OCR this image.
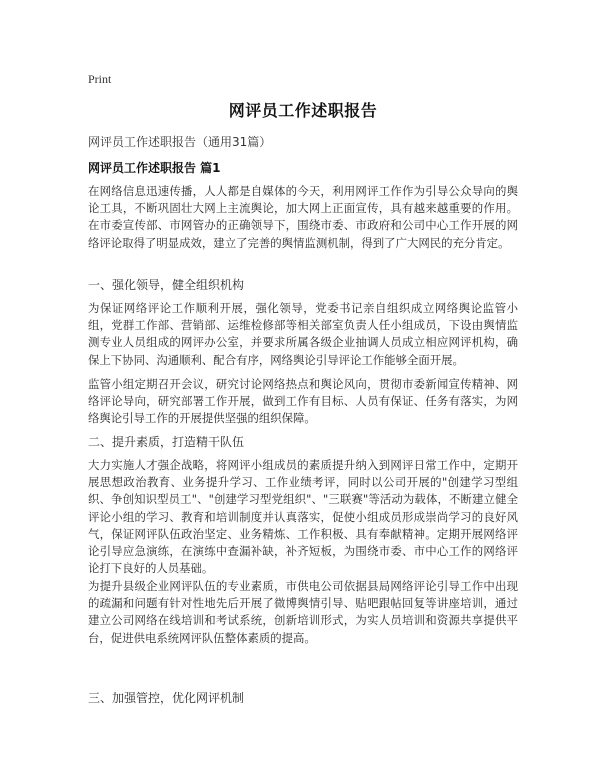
Print
网评员工作述职报告
网评员工作述职报告（通用31篇）
网评员工作述职报告 篇1

在网络信息迅速传播，人人都是自媒体的今天，利用网评工作作为引导公众导向的舆论工具，不断巩固壮大网上主流舆论，加大网上正面宣传，具有越来越重要的作用。在市委宣传部、市网管办的正确领导下，围绕市委、市政府和公司中心工作开展的网络评论取得了明显成效，建立了完善的舆情监测机制，得到了广大网民的充分肯定。

一、强化领导，健全组织机构

为保证网络评论工作顺利开展，强化领导，党委书记亲自组织成立网络舆论监管小组，党群工作部、营销部、运维检修部等相关部室负责人任小组成员，下设由舆情监测专业人员组成的网评办公室，并要求所属各级企业抽调人员成立相应网评机构，确保上下协同、沟通顺利、配合有序，网络舆论引导评论工作能够全面开展。

监管小组定期召开会议，研究讨论网络热点和舆论风向，贯彻市委新闻宣传精神、网络评论导向，研究部署工作开展，做到工作有目标、人员有保证、任务有落实，为网络舆论引导工作的开展提供坚强的组织保障。

二、提升素质，打造精干队伍

大力实施人才强企战略，将网评小组成员的素质提升纳入到网评日常工作中，定期开展思想政治教育、业务提升学习、工作业绩考评，同时以公司开展的"创建学习型组织、争创知识型员工"、"创建学习型党组织"、"三联赛"等活动为载体，不断建立健全评论小组的学习、教育和培训制度并认真落实，促使小组成员形成崇尚学习的良好风气，保证网评队伍政治坚定、业务精炼、工作积极、具有奉献精神。定期开展网络评论引导应急演练，在演练中查漏补缺，补齐短板，为围绕市委、市中心工作的网络评论打下良好的人员基础。

为提升县级企业网评队伍的专业素质，市供电公司依据县局网络评论引导工作中出现的疏漏和问题有针对性地先后开展了微博舆情引导、贴吧跟帖回复等讲座培训，通过建立公司网络在线培训和考试系统，创新培训形式，为实人员培训和资源共享提供平台，促进供电系统网评队伍整体素质的提高。

三、加强管控，优化网评机制
